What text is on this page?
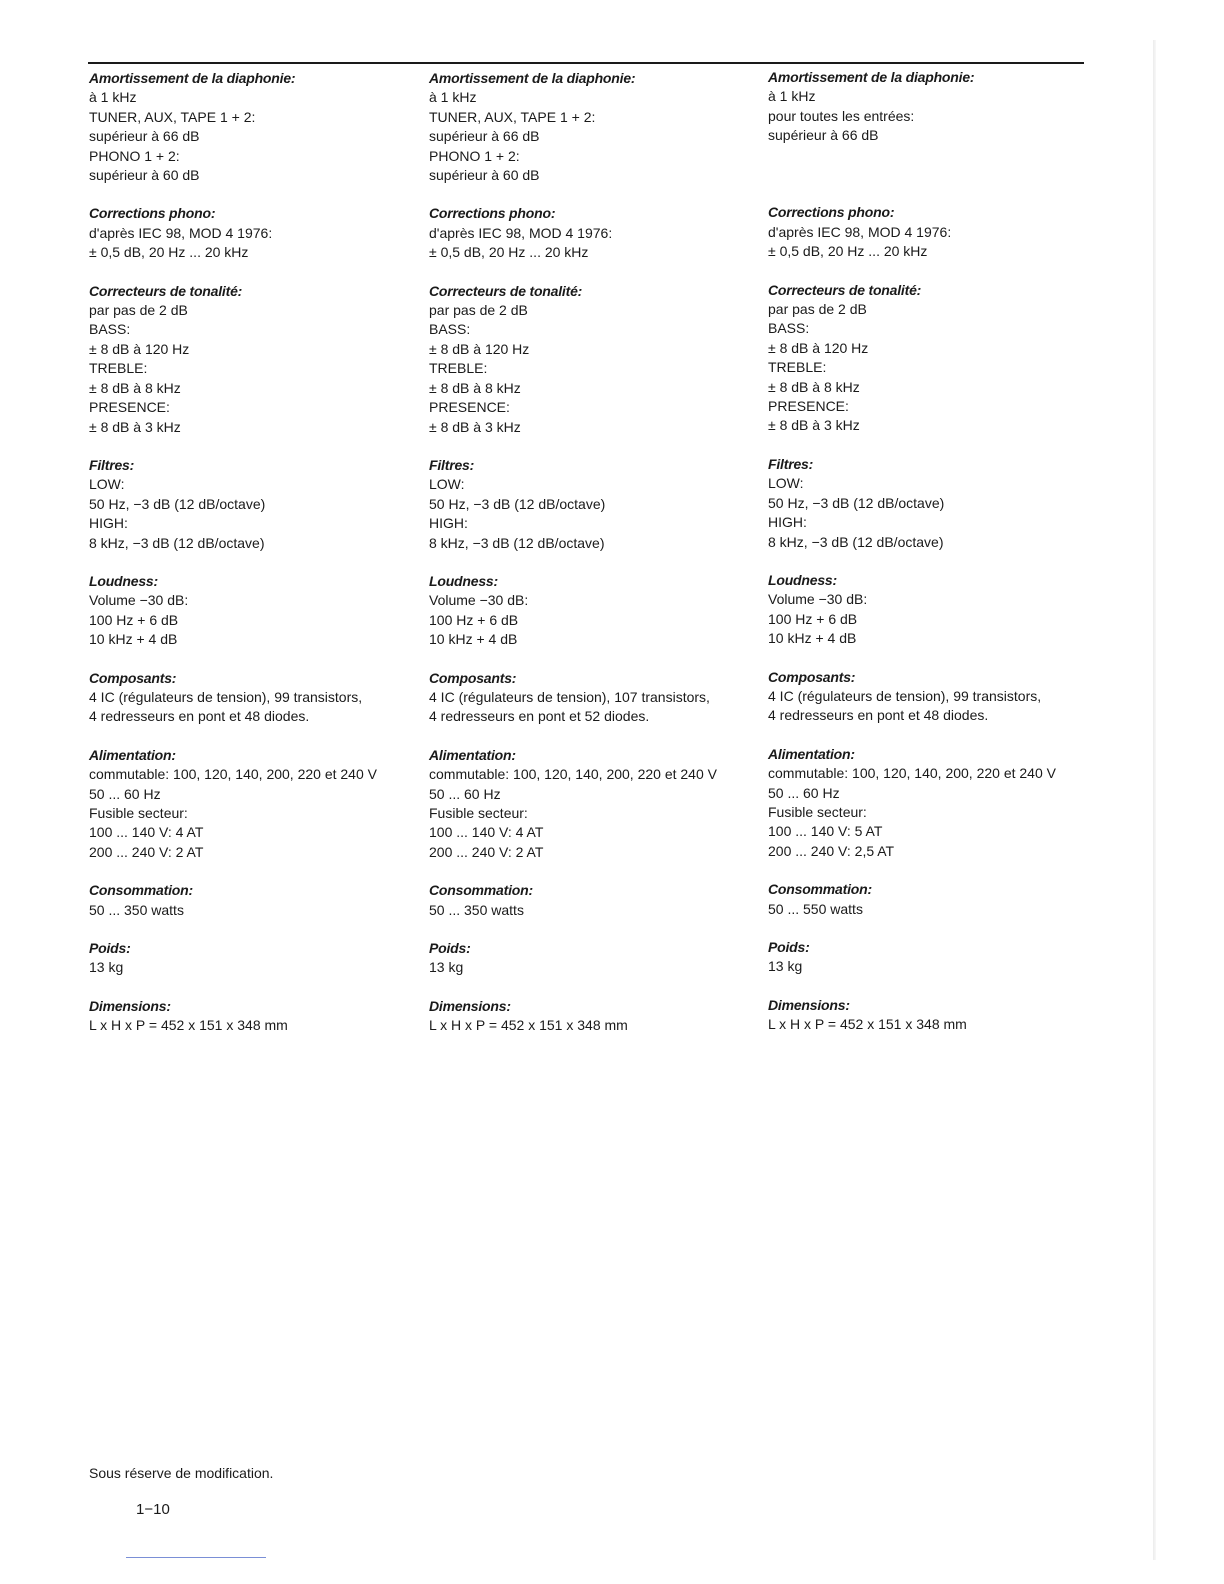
Amortissement de la diaphonie:
à 1 kHz
TUNER, AUX, TAPE 1 + 2:
supérieur à 66 dB
PHONO 1 + 2:
supérieur à 60 dB
Corrections phono:
d'après IEC 98, MOD 4 1976:
± 0,5 dB, 20 Hz ... 20 kHz
Correcteurs de tonalité:
par pas de 2 dB
BASS:
± 8 dB à 120 Hz
TREBLE:
± 8 dB à 8 kHz
PRESENCE:
± 8 dB à 3 kHz
Filtres:
LOW:
50 Hz, −3 dB (12 dB/octave)
HIGH:
8 kHz, −3 dB (12 dB/octave)
Loudness:
Volume −30 dB:
100 Hz + 6 dB
10 kHz + 4 dB
Composants:
4 IC (régulateurs de tension), 99 transistors,
4 redresseurs en pont et 48 diodes.
Alimentation:
commutable: 100, 120, 140, 200, 220 et 240 V
50 ... 60 Hz
Fusible secteur:
100 ... 140 V: 4 AT
200 ... 240 V: 2 AT
Consommation:
50 ... 350 watts
Poids:
13 kg
Dimensions:
L x H x P = 452 x 151 x 348 mm
Amortissement de la diaphonie:
à 1 kHz
TUNER, AUX, TAPE 1 + 2:
supérieur à 66 dB
PHONO 1 + 2:
supérieur à 60 dB
Corrections phono:
d'après IEC 98, MOD 4 1976:
± 0,5 dB, 20 Hz ... 20 kHz
Correcteurs de tonalité:
par pas de 2 dB
BASS:
± 8 dB à 120 Hz
TREBLE:
± 8 dB à 8 kHz
PRESENCE:
± 8 dB à 3 kHz
Filtres:
LOW:
50 Hz, −3 dB (12 dB/octave)
HIGH:
8 kHz, −3 dB (12 dB/octave)
Loudness:
Volume −30 dB:
100 Hz + 6 dB
10 kHz + 4 dB
Composants:
4 IC (régulateurs de tension), 107 transistors,
4 redresseurs en pont et 52 diodes.
Alimentation:
commutable: 100, 120, 140, 200, 220 et 240 V
50 ... 60 Hz
Fusible secteur:
100 ... 140 V: 4 AT
200 ... 240 V: 2 AT
Consommation:
50 ... 350 watts
Poids:
13 kg
Dimensions:
L x H x P = 452 x 151 x 348 mm
Amortissement de la diaphonie:
à 1 kHz
pour toutes les entrées:
supérieur à 66 dB
Corrections phono:
d'après IEC 98, MOD 4 1976:
± 0,5 dB, 20 Hz ... 20 kHz
Correcteurs de tonalité:
par pas de 2 dB
BASS:
± 8 dB à 120 Hz
TREBLE:
± 8 dB à 8 kHz
PRESENCE:
± 8 dB à 3 kHz
Filtres:
LOW:
50 Hz, −3 dB (12 dB/octave)
HIGH:
8 kHz, −3 dB (12 dB/octave)
Loudness:
Volume −30 dB:
100 Hz + 6 dB
10 kHz + 4 dB
Composants:
4 IC (régulateurs de tension), 99 transistors,
4 redresseurs en pont et 48 diodes.
Alimentation:
commutable: 100, 120, 140, 200, 220 et 240 V
50 ... 60 Hz
Fusible secteur:
100 ... 140 V: 5 AT
200 ... 240 V: 2,5 AT
Consommation:
50 ... 550 watts
Poids:
13 kg
Dimensions:
L x H x P = 452 x 151 x 348 mm
Sous réserve de modification.
1−10
